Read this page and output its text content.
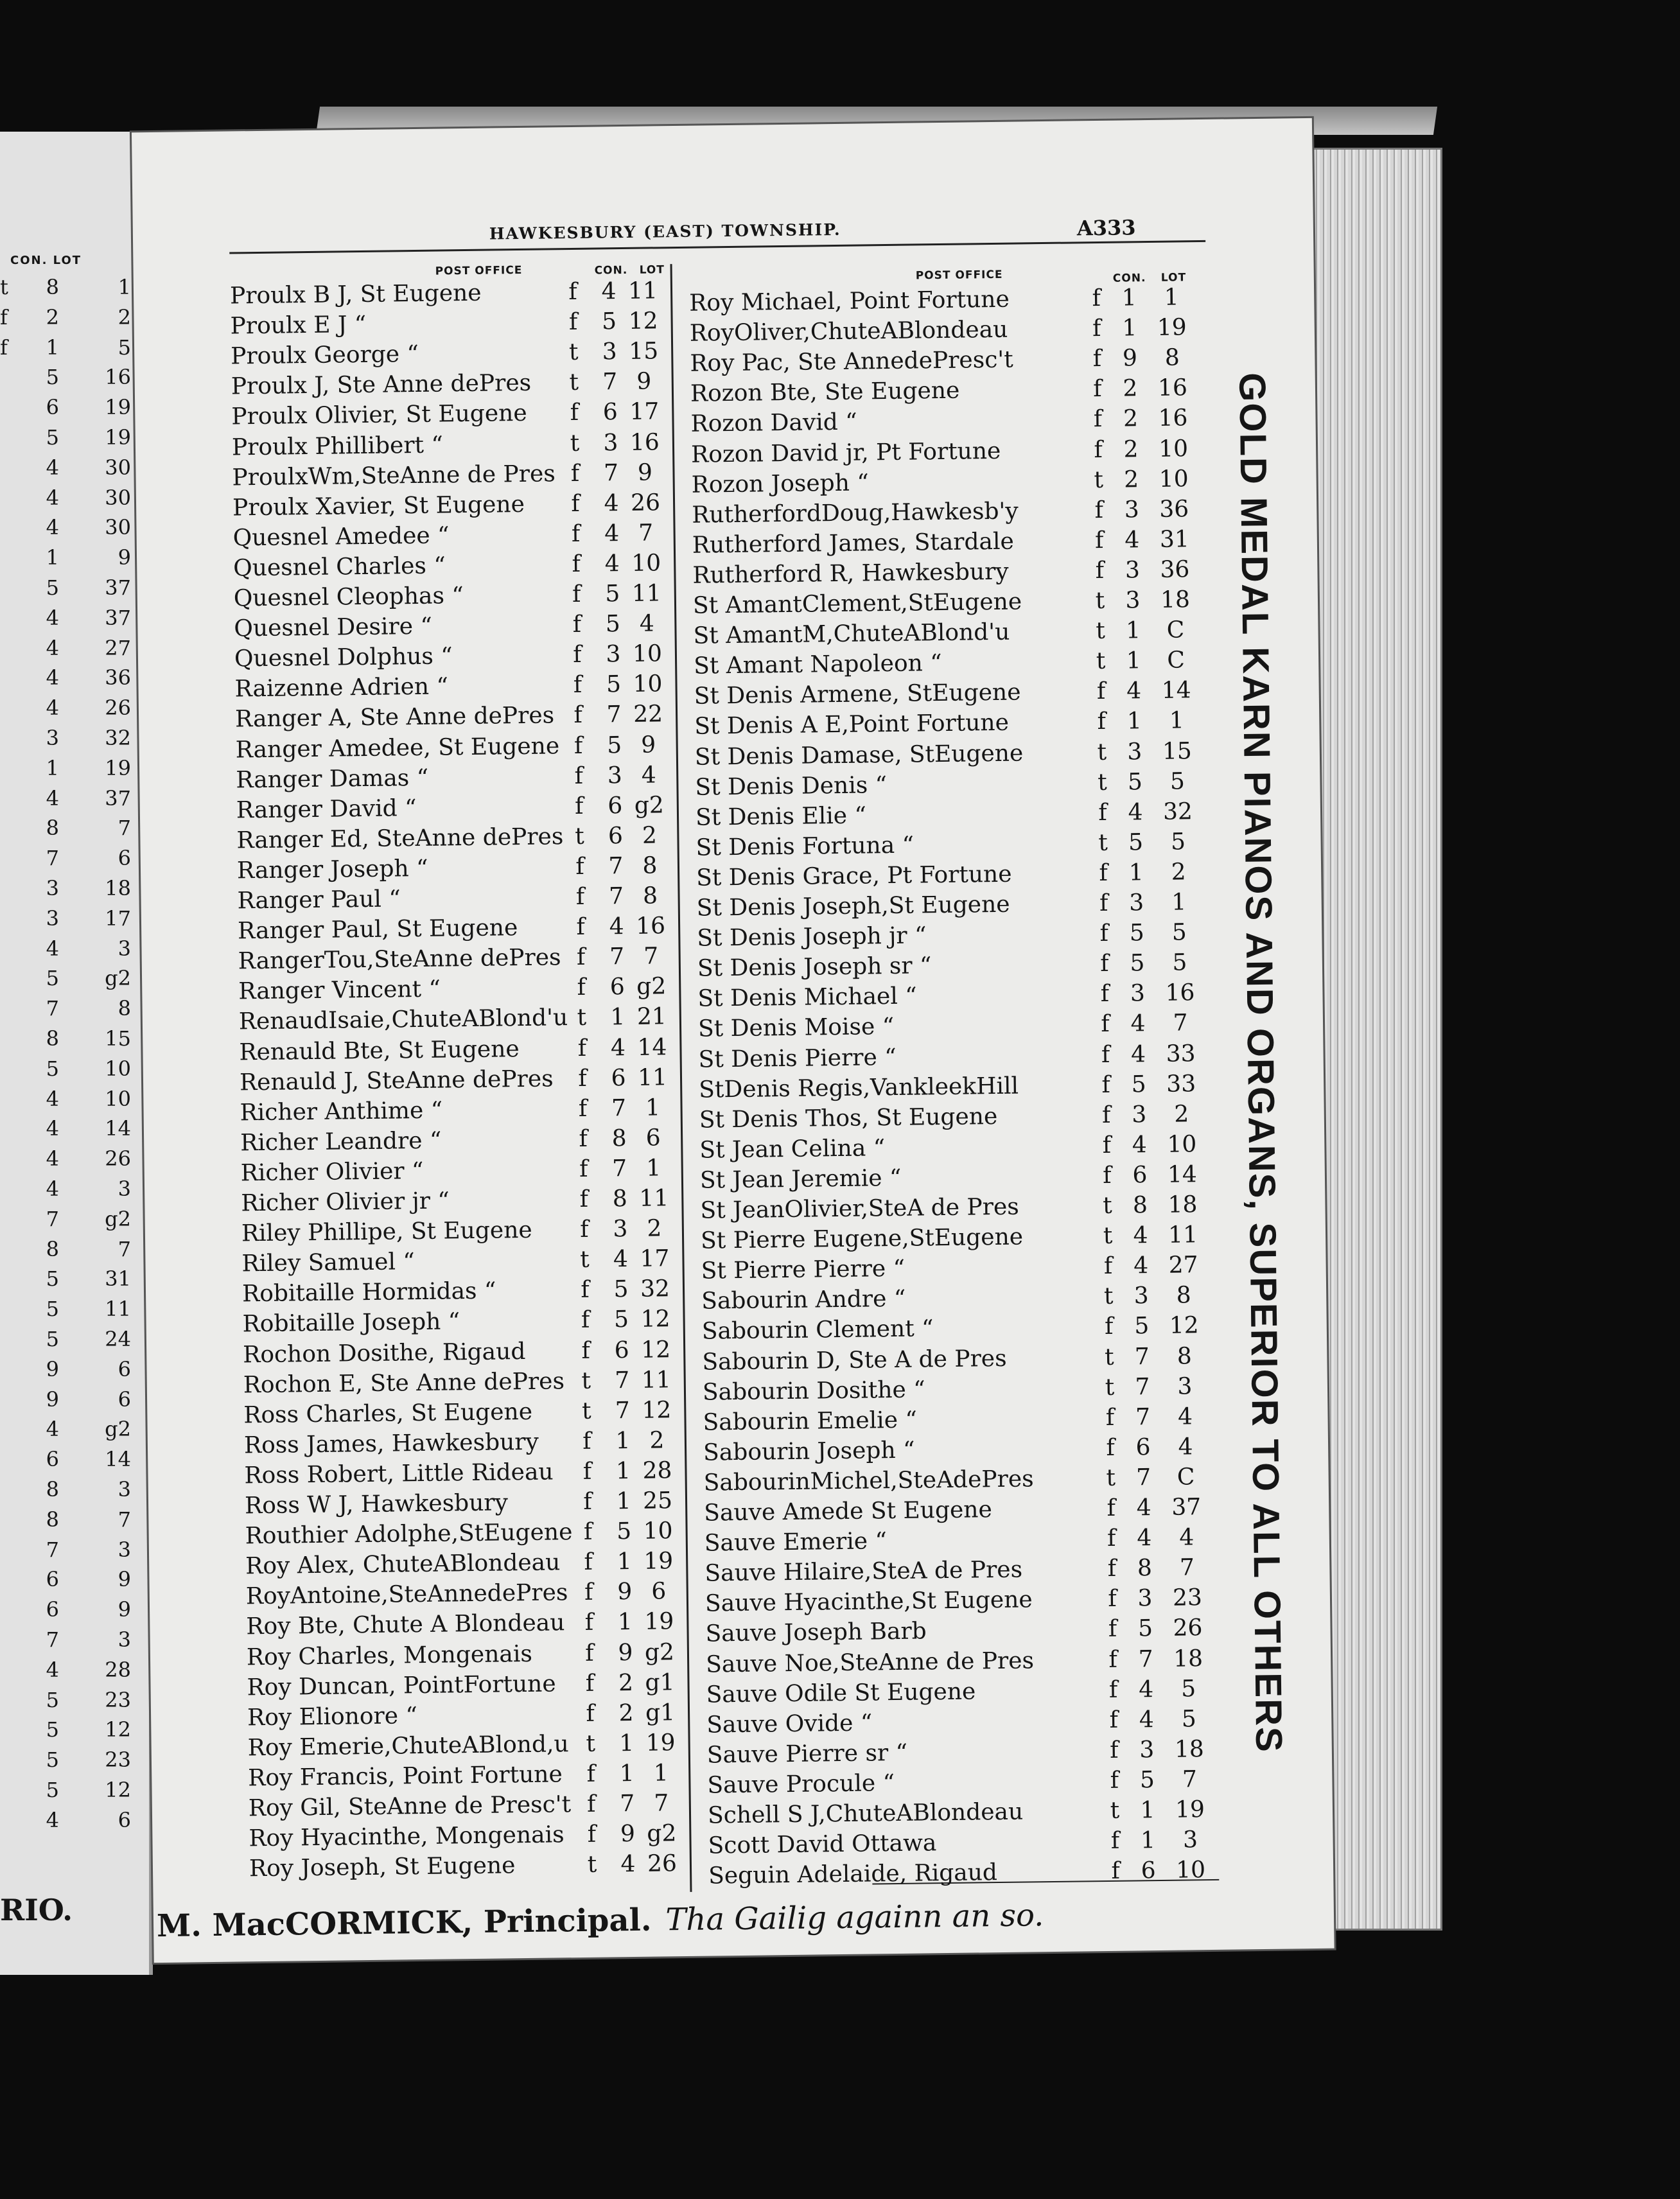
CON. LOT
t	8	1
f	2	2
f	1	5
5	16
6	19
5	19
4	30
4	30
4	30
1	9
5	37
4	37
4	27
4	36
4	26
3	32
1	19
4	37
8	7
7	6
3	18
3	17
4	3
5	g2
7	8
8	15
5	10
4	10
4	14
4	26
4	3
7	g2
8	7
5	31
5	11
5	24
9	6
9	6
4	g2
6	14
8	3
8	7
7	3
6	9
6	9
7	3
4	28
5	23
5	12
5	23
5	12
4	6
RIO.
HAWKESBURY (EAST) TOWNSHIP.	A333
POST OFFICE	CON. LOT	POST OFFICE	CON. LOT
Proulx B J, St Eugene	f 4 11
Proulx E J “	f 5 12
Proulx George “	t 3 15
Proulx J, Ste Anne dePres t 7 9
Proulx Olivier, St Eugene f 6 17
Proulx Phillibert “	t 3 16
ProulxWm,SteAnne de Pres f 7 9
Proulx Xavier, St Eugene f 4 26
Quesnel Amedee “	f 4 7
Quesnel Charles “	f 4 10
Quesnel Cleophas “	f 5 11
Quesnel Desire “	f 5 4
Quesnel Dolphus “	f 3 10
Raizenne Adrien “	f 5 10
Ranger A, Ste Anne dePres f 7 22
Ranger Amedee, St Eugene f 5 9
Ranger Damas “	f 3 4
Ranger David “	f 6 g2
Ranger Ed, SteAnne dePres t 6 2
Ranger Joseph “	f 7 8
Ranger Paul “	f 7 8
Ranger Paul, St Eugene	f 4 16
RangerTou,SteAnne dePres f 7 7
Ranger Vincent “	f 6 g2
RenaudIsaie,ChuteABlond'u t 1 21
Renauld Bte, St Eugene	f 4 14
Renauld J, SteAnne dePres f 6 11
Richer Anthime “	f 7 1
Richer Leandre “	f 8 6
Richer Olivier “	f 7 1
Richer Olivier jr “	f 8 11
Riley Phillipe, St Eugene f 3 2
Riley Samuel “	t 4 17
Robitaille Hormidas “	f 5 32
Robitaille Joseph “	f 5 12
Rochon Dosithe, Rigaud f 6 12
Rochon E, Ste Anne dePres t 7 11
Ross Charles, St Eugene t 7 12
Ross James, Hawkesbury f 1 2
Ross Robert, Little Rideau f 1 28
Ross W J, Hawkesbury	f 1 25
Routhier Adolphe,StEugene f 5 10
Roy Alex, ChuteABlondeau f 1 19
RoyAntoine,SteAnnedePres f 9 6
Roy Bte, Chute A Blondeau f 1 19
Roy Charles, Mongenais f 9 g2
Roy Duncan, PointFortune f 2 g1
Roy Elionore “	f 2 g1
Roy Emerie,ChuteABlond,u t 1 19
Roy Francis, Point Fortune f 1 1
Roy Gil, SteAnne de Presc't f 7 7
Roy Hyacinthe, Mongenais f 9 g2
Roy Joseph, St Eugene	t 4 26
Roy Michael, Point Fortune	f 1	1
RoyOliver,ChuteABlondeau	f 1 19
Roy Pac, Ste AnnedePresc't	f 9	8
Rozon Bte, Ste Eugene	f 2 16
Rozon David “	f 2 16
Rozon David jr, Pt Fortune	f 2 10
Rozon Joseph “	t 2 10
RutherfordDoug,Hawkesb'y	f 3 36
Rutherford James, Stardale	f 4 31
Rutherford R, Hawkesbury	f 3 36
St AmantClement,StEugene	t 3 18
St AmantM,ChuteABlond'u	t 1	C
St Amant Napoleon “	t 1	C
St Denis Armene, StEugene	f 4 14
St Denis A E,Point Fortune	f 1	1
St Denis Damase, StEugene	t 3 15
St Denis Denis “	t 5	5
St Denis Elie “	f 4 32
St Denis Fortuna “	t 5	5
St Denis Grace, Pt Fortune	f 1	2
St Denis Joseph,St Eugene	f 3	1
St Denis Joseph jr “	f 5	5
St Denis Joseph sr “	f 5	5
St Denis Michael “	f 3 16
St Denis Moise “	f 4	7
St Denis Pierre “	f 4 33
StDenis Regis,VankleekHill	f 5 33
St Denis Thos, St Eugene	f 3	2
St Jean Celina “	f 4 10
St Jean Jeremie “	f 6 14
St JeanOlivier,SteA de Pres	t 8 18
St Pierre Eugene,StEugene	t 4 11
St Pierre Pierre “	f 4 27
Sabourin Andre “	t 3	8
Sabourin Clement “	f 5 12
Sabourin D, Ste A de Pres	t 7	8
Sabourin Dosithe “	t 7	3
Sabourin Emelie “	f 7	4
Sabourin Joseph “	f 6	4
SabourinMichel,SteAdePres	t 7	C
Sauve Amede St Eugene	f 4 37
Sauve Emerie “	f 4	4
Sauve Hilaire,SteA de Pres	f 8	7
Sauve Hyacinthe,St Eugene	f 3 23
Sauve Joseph Barb	f 5 26
Sauve Noe,SteAnne de Pres	f 7 18
Sauve Odile St Eugene	f 4	5
Sauve Ovide “	f 4	5
Sauve Pierre sr “	f 3 18
Sauve Procule “	f 5	7
Schell S J,ChuteABlondeau	t 1 19
Scott David Ottawa	f 1	3
Seguin Adelaide, Rigaud	f 6 10
M. MacCORMICK, Principal. Tha Gailig againn an so.
GOLD MEDAL KARN PIANOS AND ORGANS, SUPERIOR TO ALL OTHERS
